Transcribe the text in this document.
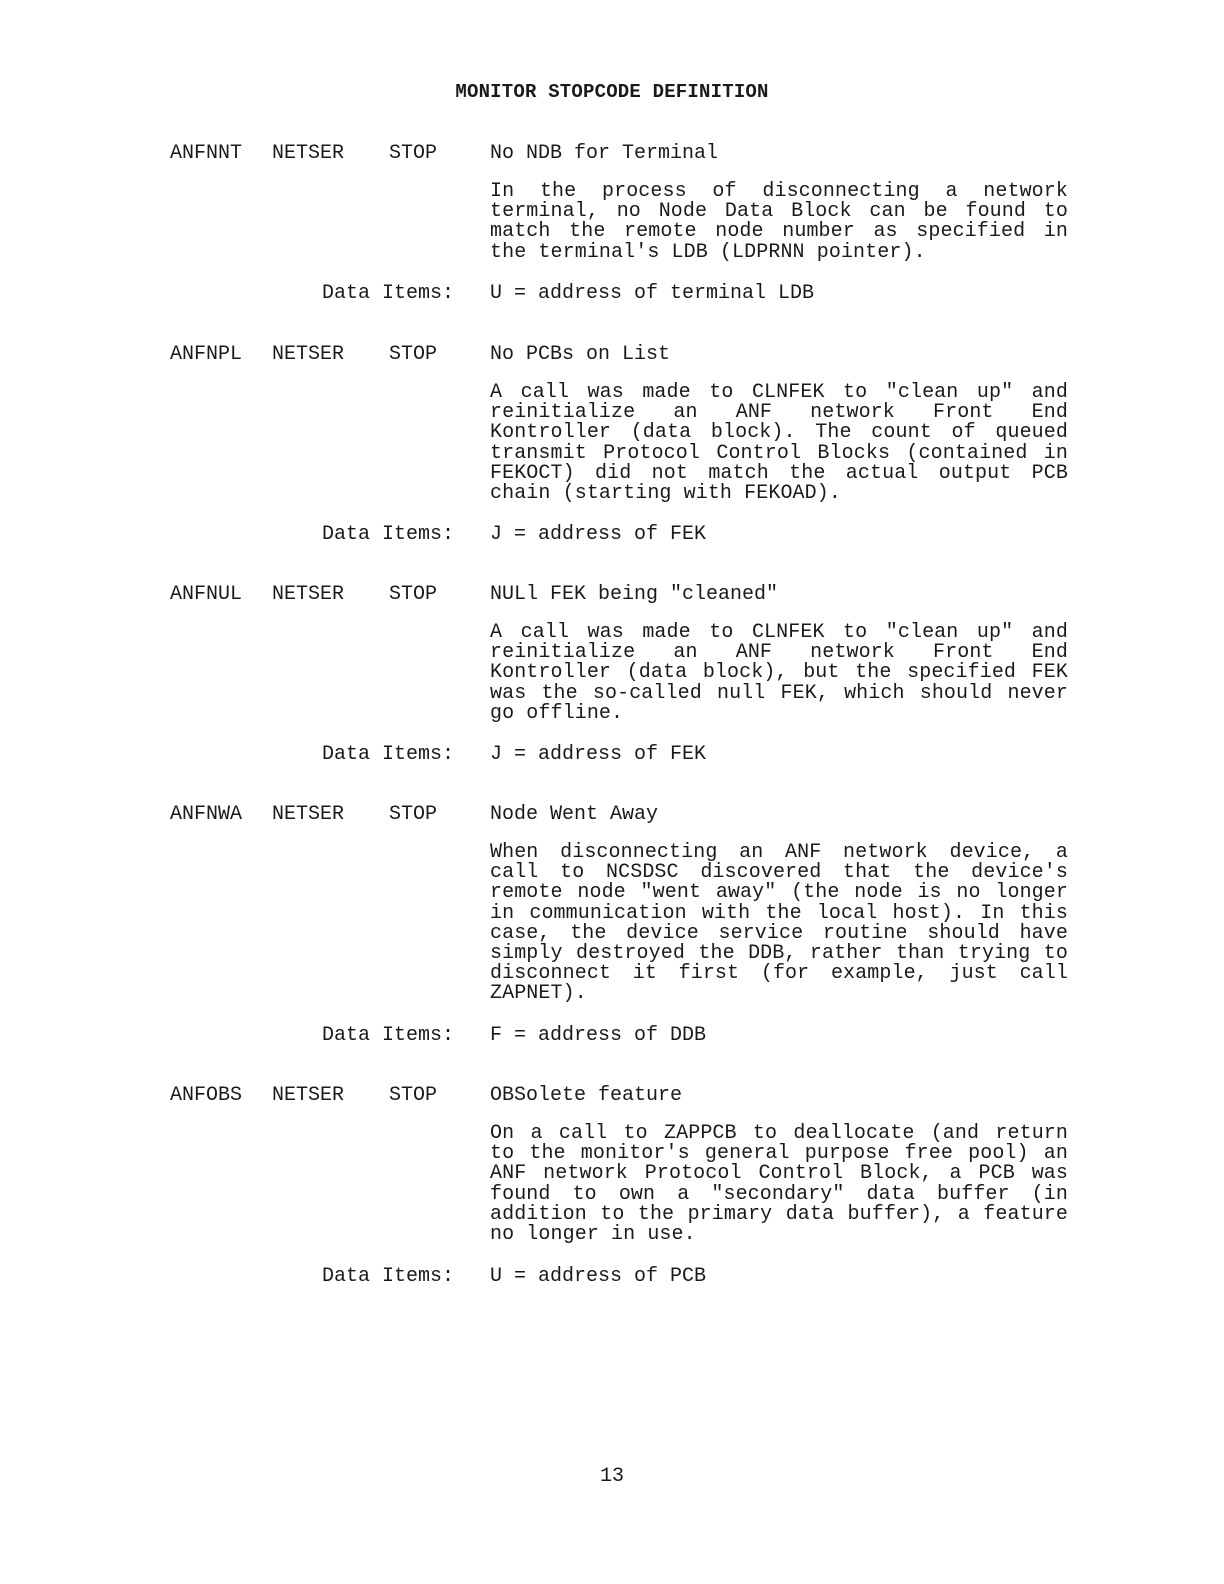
MONITOR STOPCODE DEFINITION
ANFNNT NETSER STOP	No NDB for Terminal
In the process of disconnecting a network terminal, no Node Data Block can be found to match the remote node number as specified in the terminal's LDB (LDPRNN pointer).
Data Items: U = address of terminal LDB
ANFNPL NETSER STOP	No PCBs on List
A call was made to CLNFEK to "clean up" and reinitialize an ANF network Front End Kontroller (data block). The count of queued transmit Protocol Control Blocks (contained in FEKOCT) did not match the actual output PCB chain (starting with FEKOAD).
Data Items: J = address of FEK
ANFNUL NETSER STOP	NULl FEK being "cleaned"
A call was made to CLNFEK to "clean up" and reinitialize an ANF network Front End Kontroller (data block), but the specified FEK was the so-called null FEK, which should never go offline.
Data Items: J = address of FEK
ANFNWA NETSER STOP	Node Went Away
When disconnecting an ANF network device, a call to NCSDSC discovered that the device's remote node "went away" (the node is no longer in communication with the local host). In this case, the device service routine should have simply destroyed the DDB, rather than trying to disconnect it first (for example, just call ZAPNET).
Data Items: F = address of DDB
ANFOBS NETSER STOP	OBSolete feature
On a call to ZAPPCB to deallocate (and return to the monitor's general purpose free pool) an ANF network Protocol Control Block, a PCB was found to own a "secondary" data buffer (in addition to the primary data buffer), a feature no longer in use.
Data Items: U = address of PCB
13
